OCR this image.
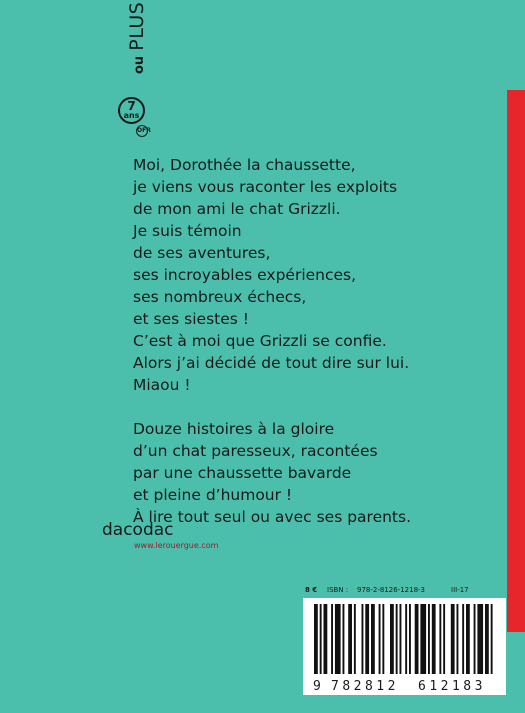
ou PLUS
7
ans
OFR
Moi, Dorothée la chaussette,
je viens vous raconter les exploits
de mon ami le chat Grizzli.
Je suis témoin
de ses aventures,
ses incroyables expériences,
ses nombreux échecs,
et ses siestes !
C’est à moi que Grizzli se confie.
Alors j’ai décidé de tout dire sur lui.
Miaou !
Douze histoires à la gloire
d’un chat paresseux, racontées
par une chaussette bavarde
et pleine d’humour !
À lire tout seul ou avec ses parents.
dacodac
www.lerouergue.com
8 € ISBN : 978-2-8126-1218-3	III-17
9 782812 612183
